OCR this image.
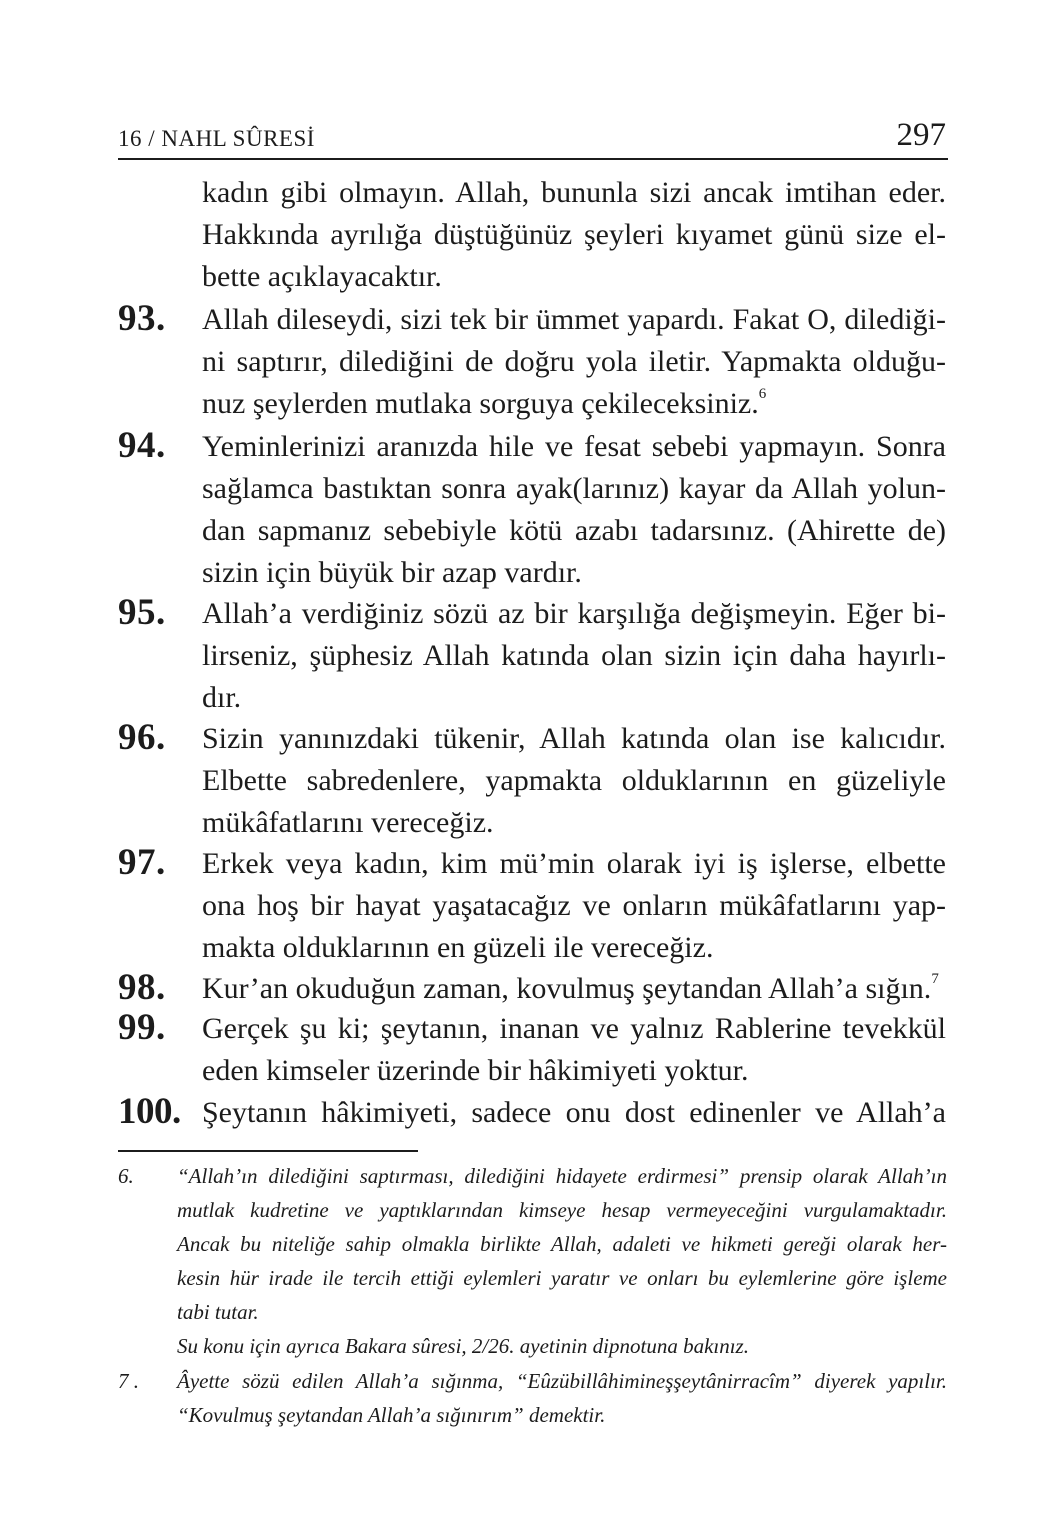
16 / NAHL SÛRESİ	297
kadın gibi olmayın. Allah, bununla sizi ancak imtihan eder.
Hakkında ayrılığa düştüğünüz şeyleri kıyamet günü size el-
bette açıklayacaktır.
93. Allah dileseydi, sizi tek bir ümmet yapardı. Fakat O, dilediği-
ni saptırır, dilediğini de doğru yola iletir. Yapmakta olduğu-
nuz şeylerden mutlaka sorguya çekileceksiniz.$^6$
94. Yeminlerinizi aranızda hile ve fesat sebebi yapmayın. Sonra
sağlamca bastıktan sonra ayak(larınız) kayar da Allah yolun-
dan sapmanız sebebiyle kötü azabı tadarsınız. (Ahirette de)
sizin için büyük bir azap vardır.
95. Allah’a verdiğiniz sözü az bir karşılığa değişmeyin. Eğer bi-
lirseniz, şüphesiz Allah katında olan sizin için daha hayırlı-
dır.
96. Sizin yanınızdaki tükenir, Allah katında olan ise kalıcıdır.
Elbette sabredenlere, yapmakta olduklarının en güzeliyle
mükâfatlarını vereceğiz.
97. Erkek veya kadın, kim mü’min olarak iyi iş işlerse, elbette
ona hoş bir hayat yaşatacağız ve onların mükâfatlarını yap-
makta olduklarının en güzeli ile vereceğiz.
98. Kur’an okuduğun zaman, kovulmuş şeytandan Allah’a sığın.$^7$
99. Gerçek şu ki; şeytanın, inanan ve yalnız Rablerine tevekkül
eden kimseler üzerinde bir hâkimiyeti yoktur.
100. Şeytanın hâkimiyeti, sadece onu dost edinenler ve Allah’a
6. “Allah’ın dilediğini saptırması, dilediğini hidayete erdirmesi” prensip olarak Allah’ın
mutlak kudretine ve yaptıklarından kimseye hesap vermeyeceğini vurgulamaktadır.
Ancak bu niteliğe sahip olmakla birlikte Allah, adaleti ve hikmeti gereği olarak her-
kesin hür irade ile tercih ettiği eylemleri yaratır ve onları bu eylemlerine göre işleme
tabi tutar.
Su konu için ayrıca Bakara sûresi, 2/26. ayetinin dipnotuna bakınız.
7 . Âyette sözü edilen Allah’a sığınma, “Eûzübillâhimineşşeytânirracîm” diyerek yapılır.
“Kovulmuş şeytandan Allah’a sığınırım” demektir.
